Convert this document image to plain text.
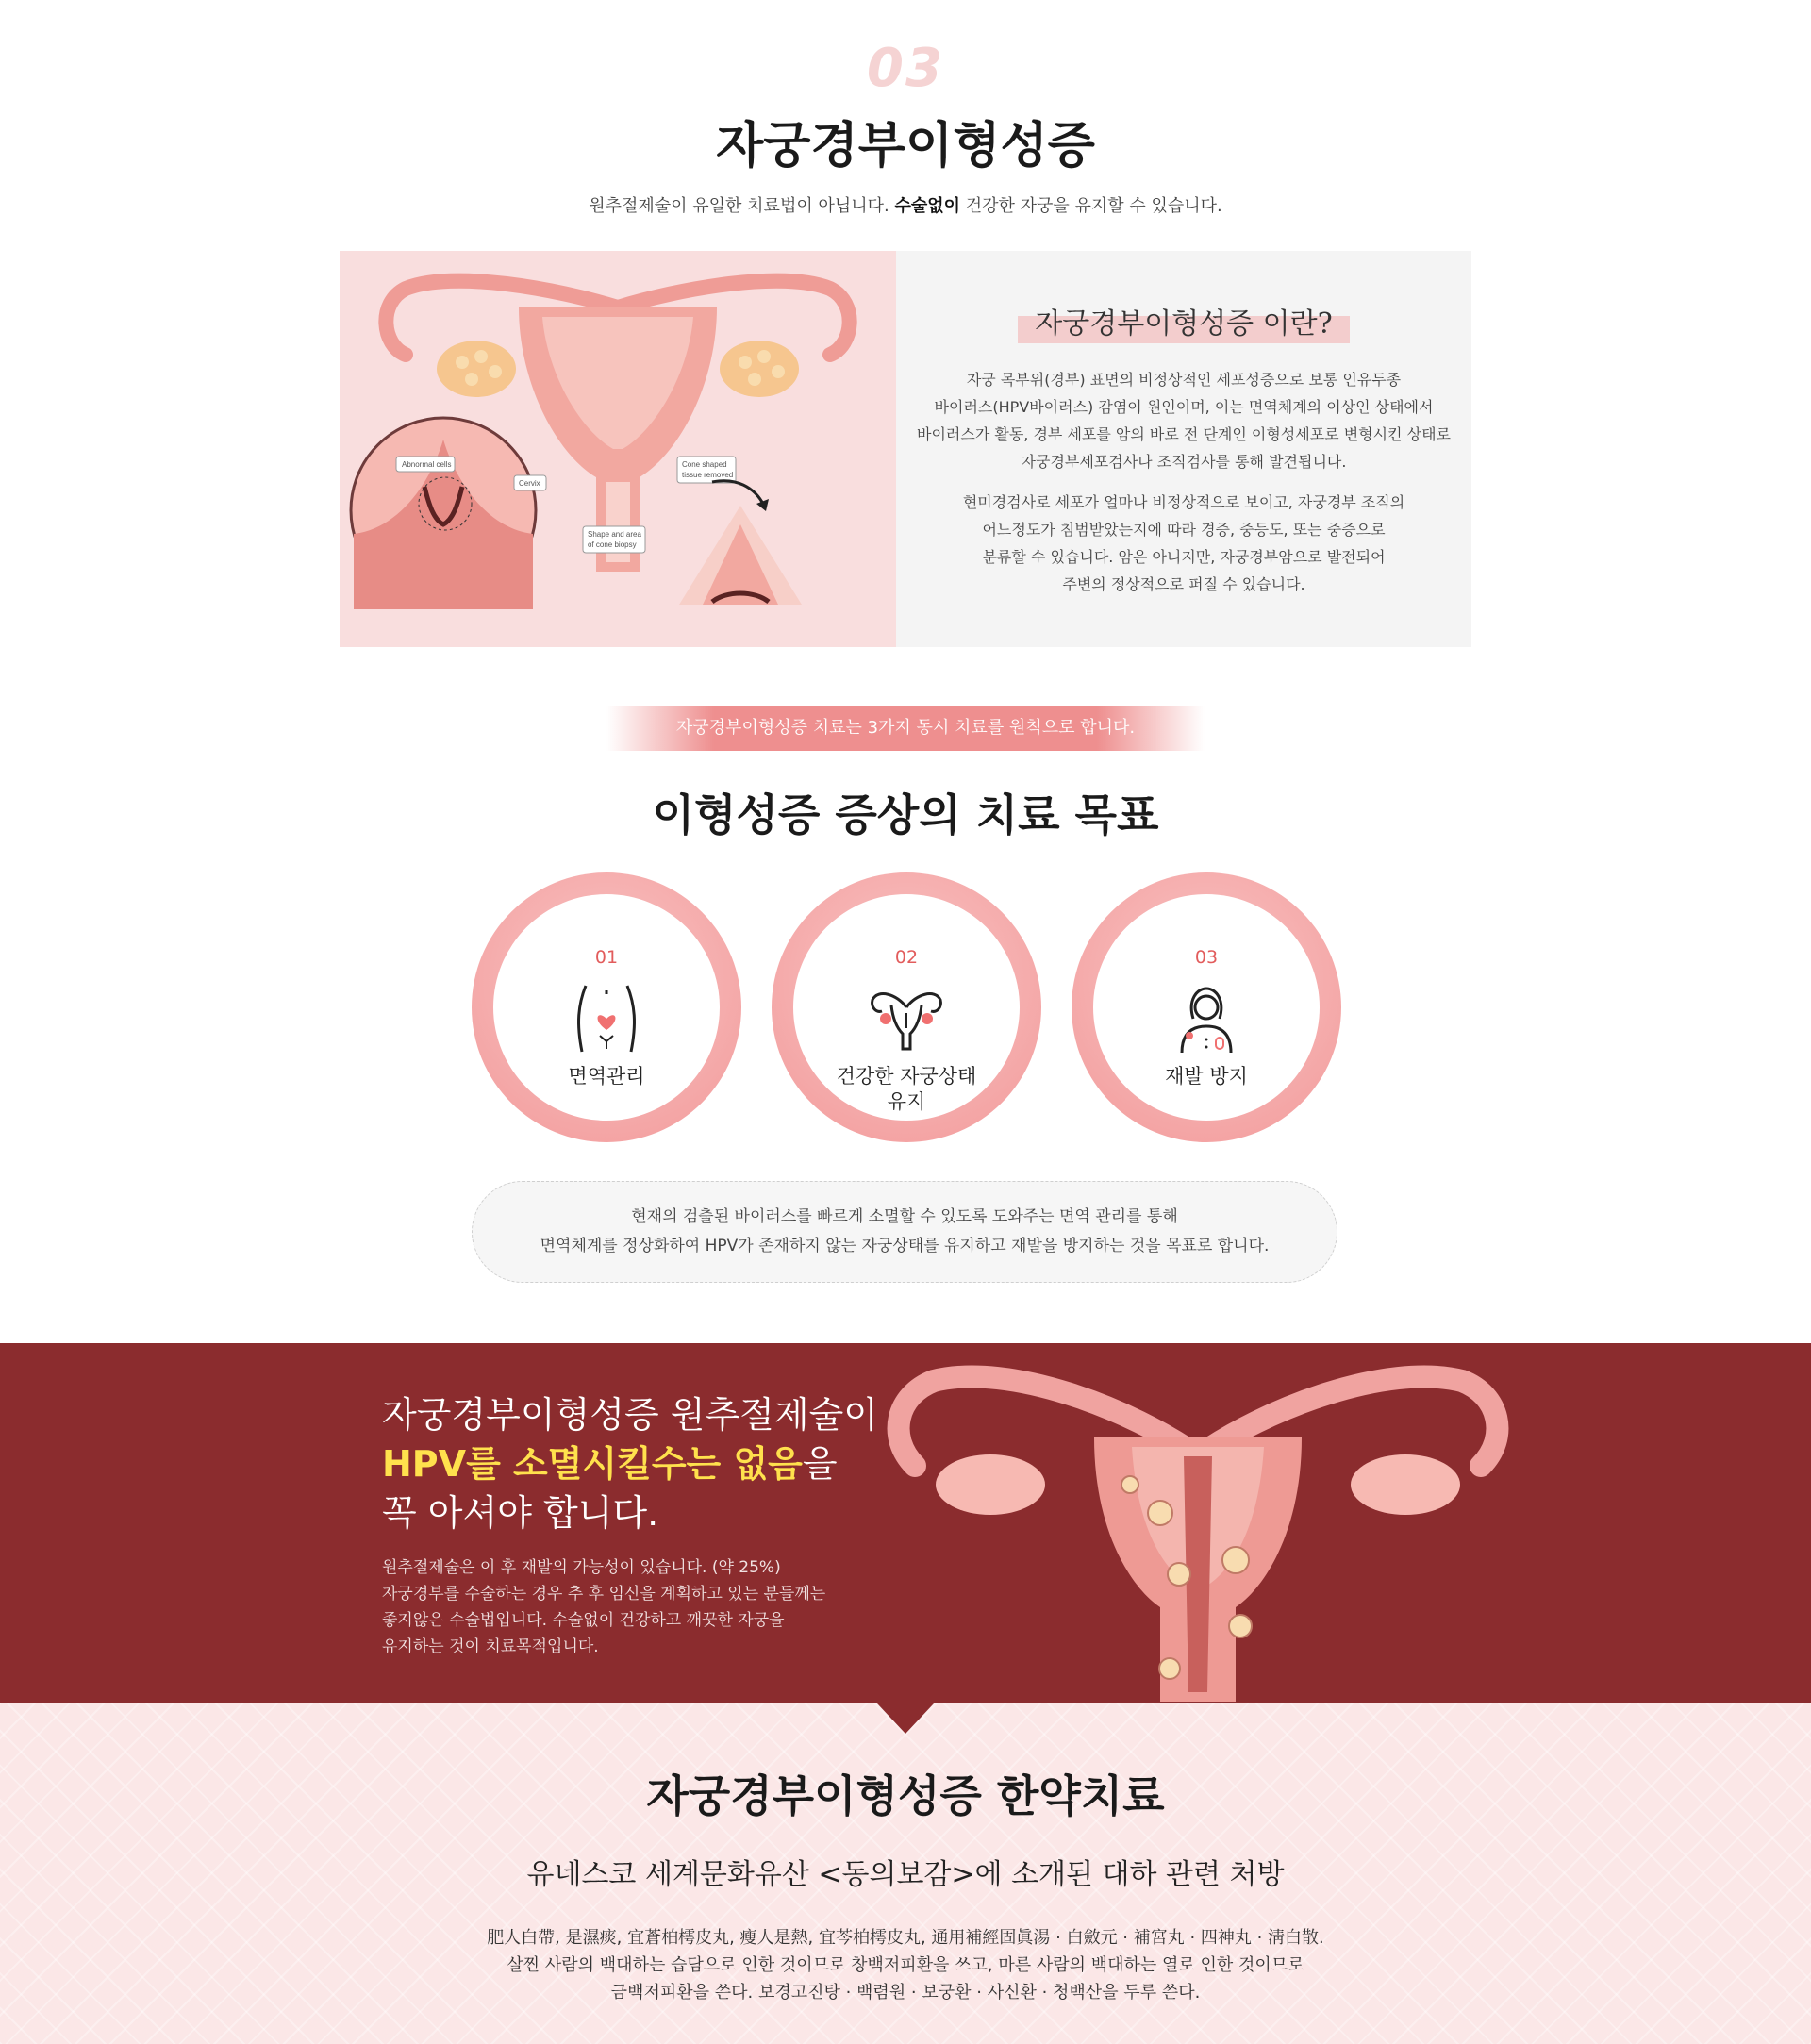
03
자궁경부이형성증
원추절제술이 유일한 치료법이 아닙니다. 수술없이 건강한 자궁을 유지할 수 있습니다.
Abnormal cells
Cervix
Cone shaped
tissue removed
Shape and area
of cone biopsy
자궁경부이형성증 이란?

자궁 목부위(경부) 표면의 비정상적인 세포성증으로 보통 인유두종
바이러스(HPV바이러스) 감염이 원인이며, 이는 면역체계의 이상인 상태에서
바이러스가 활동, 경부 세포를 암의 바로 전 단계인 이형성세포로 변형시킨 상태로
자궁경부세포검사나 조직검사를 통해 발견됩니다.

현미경검사로 세포가 얼마나 비정상적으로 보이고, 자궁경부 조직의
어느정도가 침범받았는지에 따라 경증, 중등도, 또는 중증으로
분류할 수 있습니다. 암은 아니지만, 자궁경부암으로 발전되어
주변의 정상적으로 퍼질 수 있습니다.

자궁경부이형성증 치료는 3가지 동시 치료를 원칙으로 합니다.
이형성증 증상의 치료 목표
01
면역관리
02
건강한 자궁상태
유지
03
재발 방지
현재의 검출된 바이러스를 빠르게 소멸할 수 있도록 도와주는 면역 관리를 통해
면역체계를 정상화하여 HPV가 존재하지 않는 자궁상태를 유지하고 재발을 방지하는 것을 목표로 합니다.
자궁경부이형성증 원추절제술이
HPV를 소멸시킬수는 없음을
꼭 아셔야 합니다.
원추절제술은 이 후 재발의 가능성이 있습니다. (약 25%)
자궁경부를 수술하는 경우 추 후 임신을 계획하고 있는 분들께는
좋지않은 수술법입니다. 수술없이 건강하고 깨끗한 자궁을
유지하는 것이 치료목적입니다.
자궁경부이형성증 한약치료
유네스코 세계문화유산 <동의보감>에 소개된 대하 관련 처방
肥人白帶, 是濕痰, 宜蒼柏樗皮丸, 瘦人是熱, 宜芩柏樗皮丸, 通用補經固眞湯 · 白斂元 · 補宮丸 · 四神丸 · 淸白散.
살찐 사람의 백대하는 습담으로 인한 것이므로 창백저피환을 쓰고, 마른 사람의 백대하는 열로 인한 것이므로
금백저피환을 쓴다. 보경고진탕 · 백렴원 · 보궁환 · 사신환 · 청백산을 두루 쓴다.
